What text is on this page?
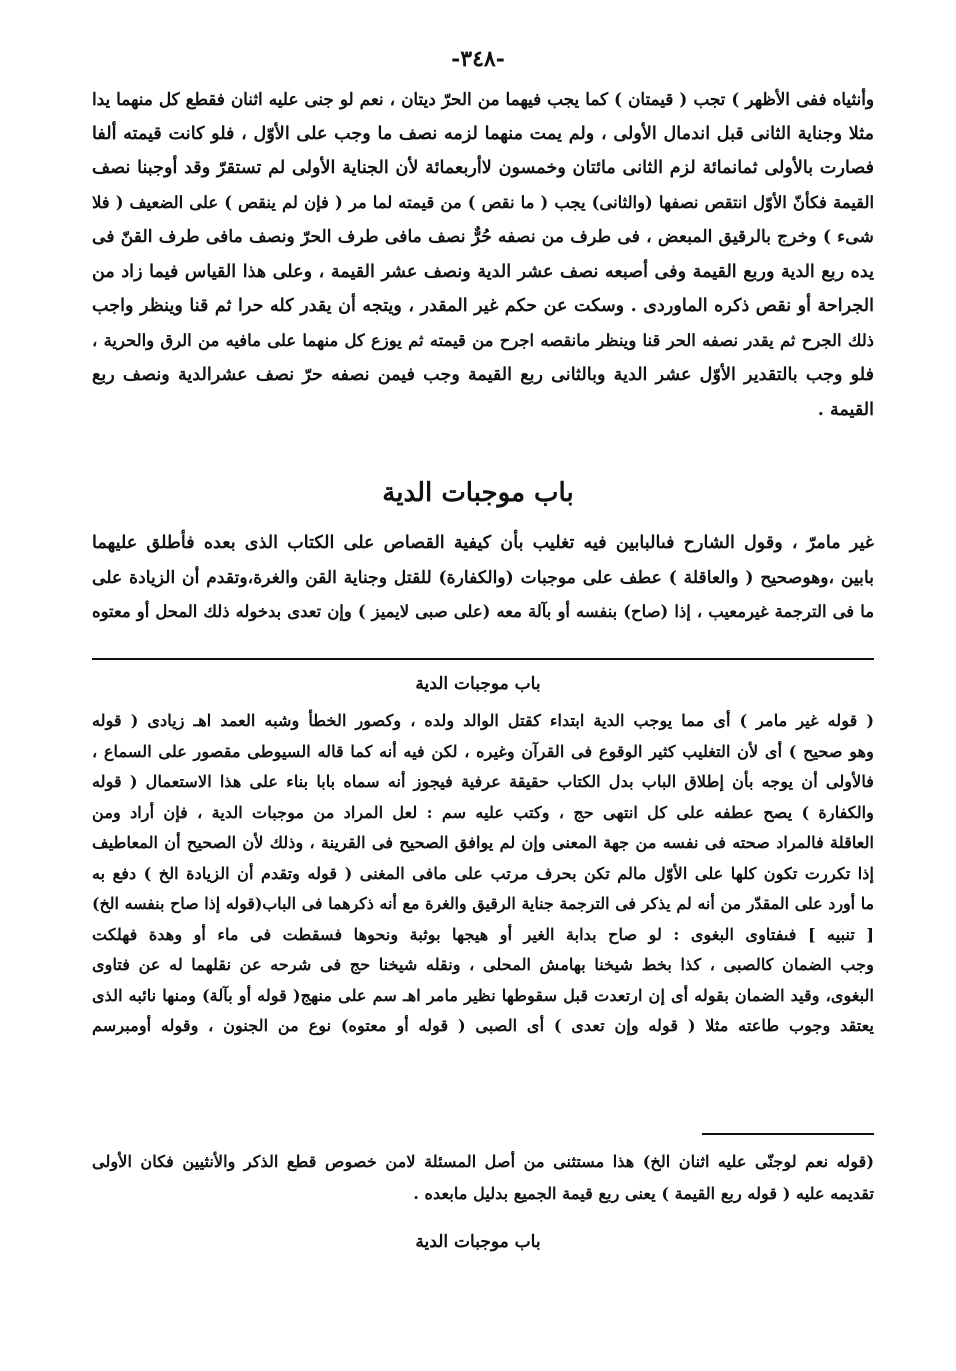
-٣٤٨-
وأنثياه ففى الأظهر ) تجب ( قيمتان ) كما يجب فيهما من الحرّ ديتان ، نعم لو جنى عليه اثنان فقطع كل منهما يدا
مثلا وجناية الثانى قبل اندمال الأولى ، ولم يمت منهما لزمه نصف ما وجب على الأوّل ، فلو كانت قيمته ألفا
فصارت بالأولى ثمانمائة لزم الثانى مائتان وخمسون لاأربعمائة لأن الجناية الأولى لم تستقرّ وقد أوجبنا نصف
القيمة فكأنّ الأوّل انتقص نصفها (والثانى) يجب ( ما نقص ) من قيمته لما مر ( فإن لم ينقص ) على الضعيف ( فلا
شىء ) وخرج بالرقيق المبعض ، فى طرف من نصفه حُرٌّ نصف مافى طرف الحرّ ونصف مافى طرف القنّ فى
يده ربع الدية وربع القيمة وفى أصبعه نصف عشر الدية ونصف عشر القيمة ، وعلى هذا القياس فيما زاد من
الجراحة أو نقص ذكره الماوردى . وسكت عن حكم غير المقدر ، ويتجه أن يقدر كله حرا ثم قنا وينظر واجب
ذلك الجرح ثم يقدر نصفه الحر قنا وينظر مانقصه اجرح من قيمته ثم يوزع كل منهما على مافيه من الرق والحرية ،
فلو وجب بالتقدير الأوّل عشر الدية وبالثانى ربع القيمة وجب فيمن نصفه حرّ نصف عشرالدية ونصف ربع
القيمة .
باب موجبات الدية
غير مامرّ ، وقول الشارح فىالبابين فيه تغليب بأن كيفية القصاص على الكتاب الذى بعده فأطلق عليهما
بابين ،وهوصحيح ( والعاقلة ) عطف على موجبات (والكفارة) للقتل وجناية القن والغرة،وتقدم أن الزيادة على
ما فى الترجمة غيرمعيب ، إذا (صاح) بنفسه أو بآلة معه (على صبى لايميز ) وإن تعدى بدخوله ذلك المحل أو معتوه
باب موجبات الدية
( قوله غير مامر ) أى مما يوجب الدية ابتداء كقتل الوالد ولده ، وكصور الخطأ وشبه العمد اهـ زيادى ( قوله
وهو صحيح ) أى لأن التغليب كثير الوقوع فى القرآن وغيره ، لكن فيه أنه كما قاله السيوطى مقصور على السماع ،
فالأولى أن يوجه بأن إطلاق الباب بدل الكتاب حقيقة عرفية فيجوز أنه سماه بابا بناء على هذا الاستعمال ( قوله
والكفارة ) يصح عطفه على كل انتهى حج ، وكتب عليه سم : لعل المراد من موجبات الدية ، فإن أراد ومن
العاقلة فالمراد صحته فى نفسه من جهة المعنى وإن لم يوافق الصحيح فى القرينة ، وذلك لأن الصحيح أن المعاطيف
إذا تكررت تكون كلها على الأوّل مالم تكن بحرف مرتب على مافى المغنى ( قوله وتقدم أن الزيادة الخ ) دفع به
ما أورد على المقدّر من أنه لم يذكر فى الترجمة جناية الرقيق والغرة مع أنه ذكرهما فى الباب(قوله إذا صاح بنفسه الخ)
[ تنبيه ] فىفتاوى البغوى : لو صاح بدابة الغير أو هيجها بوثبة ونحوها فسقطت فى ماء أو وهدة فهلكت
وجب الضمان كالصبى ، كذا بخط شيخنا بهامش المحلى ، ونقله شيخنا حج فى شرحه عن نقلهما له عن فتاوى
البغوى، وقيد الضمان بقوله أى إن ارتعدت قبل سقوطها نظير مامر اهـ سم على منهج( قوله أو بآلة) ومنها نائبه الذى
يعتقد وجوب طاعته مثلا ( قوله وإن تعدى ) أى الصبى ( قوله أو معتوه) نوع من الجنون ، وقوله أومبرسم
(قوله نعم لوجنّى عليه اثنان الخ) هذا مستثنى من أصل المسئلة لامن خصوص قطع الذكر والأنثيين فكان الأولى
تقديمه عليه ( قوله ربع القيمة ) يعنى ربع قيمة الجميع بدليل مابعده .
باب موجبات الدية
